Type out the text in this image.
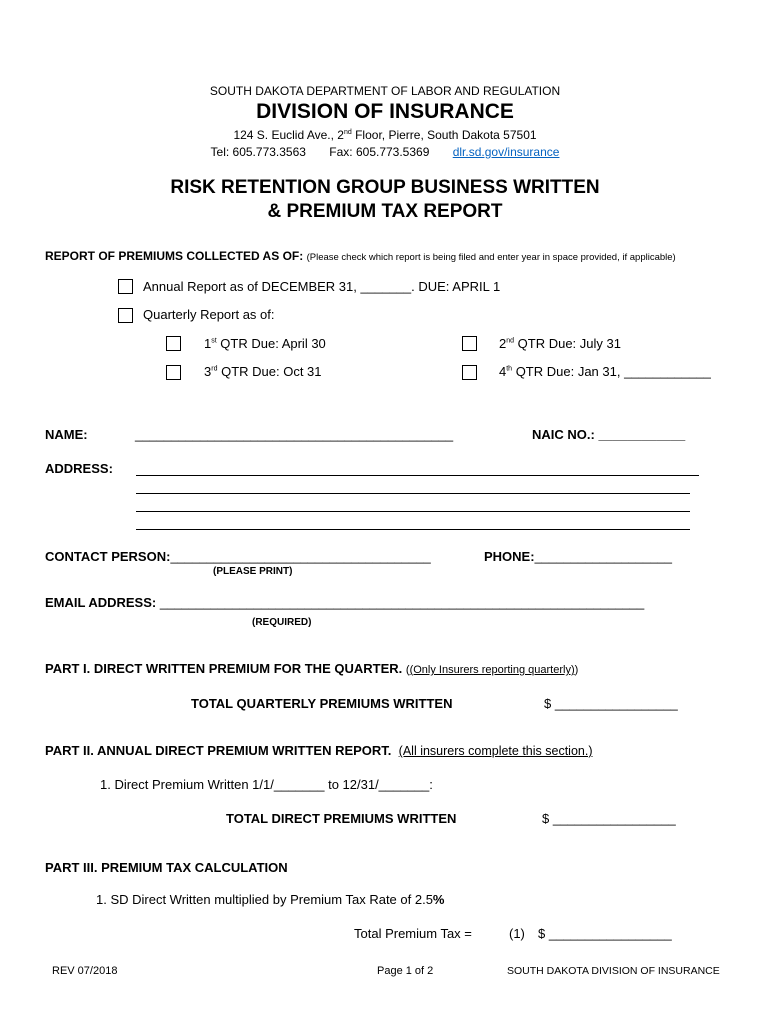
SOUTH DAKOTA DEPARTMENT OF LABOR AND REGULATION
DIVISION OF INSURANCE
124 S. Euclid Ave., 2nd Floor, Pierre, South Dakota 57501
Tel: 605.773.3563 Fax: 605.773.5369 dlr.sd.gov/insurance
RISK RETENTION GROUP BUSINESS WRITTEN
& PREMIUM TAX REPORT
REPORT OF PREMIUMS COLLECTED AS OF: (Please check which report is being filed and enter year in space provided, if applicable)
Annual Report as of DECEMBER 31, _______. DUE: APRIL 1
Quarterly Report as of:
1st QTR Due: April 30	2nd QTR Due: July 31
3rd QTR Due: Oct 31	4th QTR Due: Jan 31, ____________
NAME:	____________________________________________	NAIC NO.: ____________
ADDRESS:
CONTACT PERSON:____________________________________	PHONE:___________________
(PLEASE PRINT)
EMAIL ADDRESS: ___________________________________________________________________
(REQUIRED)
PART I. DIRECT WRITTEN PREMIUM FOR THE QUARTER. ((Only Insurers reporting quarterly))
TOTAL QUARTERLY PREMIUMS WRITTEN	$ _________________
PART II. ANNUAL DIRECT PREMIUM WRITTEN REPORT. (All insurers complete this section.)
1. Direct Premium Written 1/1/_______ to 12/31/_______:
TOTAL DIRECT PREMIUMS WRITTEN	$ _________________
PART III. PREMIUM TAX CALCULATION
1. SD Direct Written multiplied by Premium Tax Rate of 2.5%
Total Premium Tax =	(1) $ _________________
REV 07/2018	Page 1 of 2	SOUTH DAKOTA DIVISION OF INSURANCE
